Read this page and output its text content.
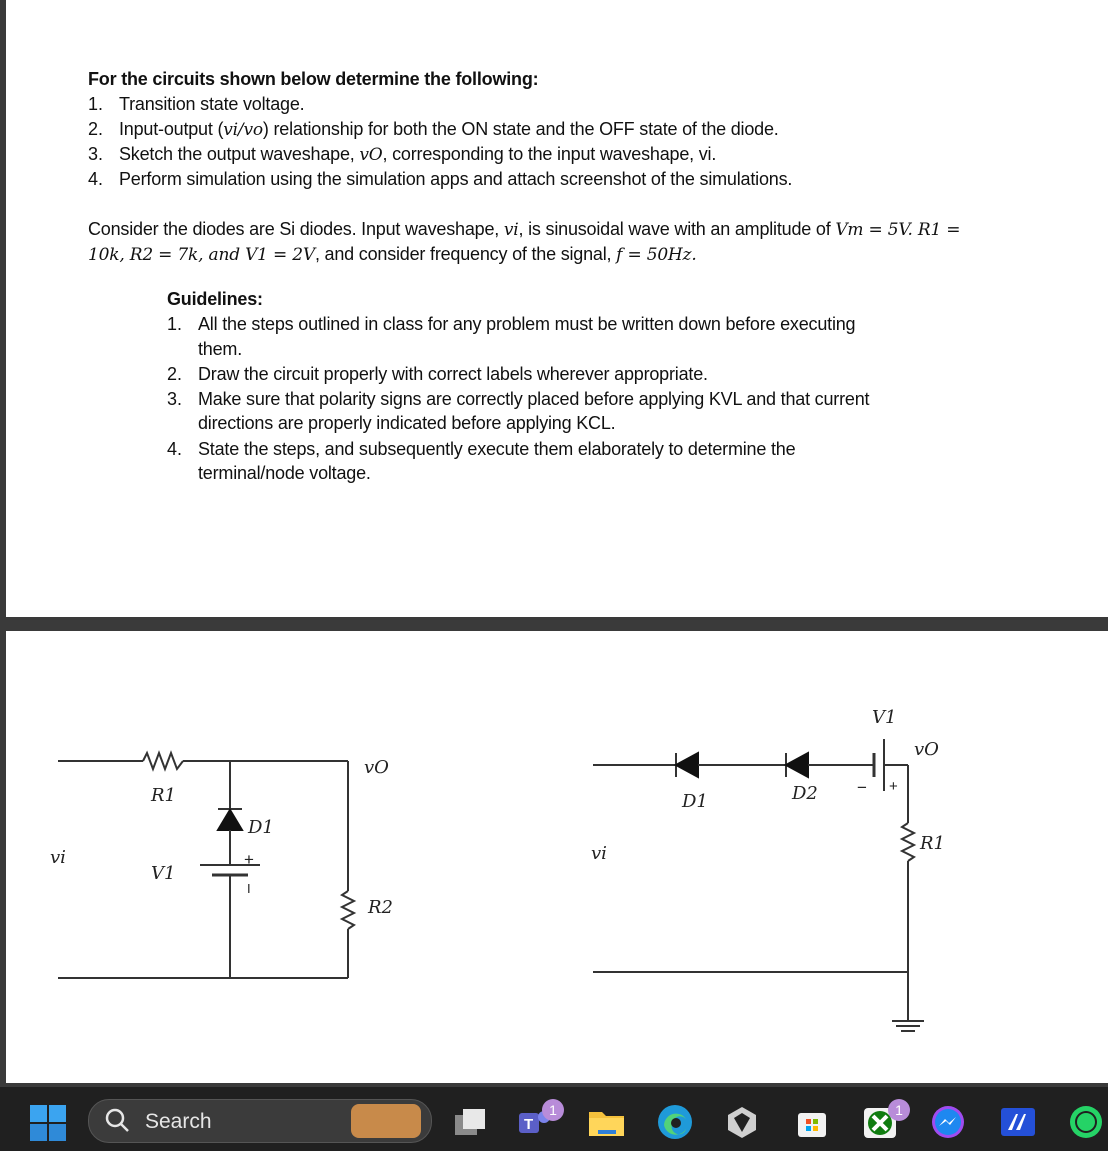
For the circuits shown below determine the following:
1. Transition state voltage.
2. Input-output (vi/vo) relationship for both the ON state and the OFF state of the diode.
3. Sketch the output waveshape, vO, corresponding to the input waveshape, vi.
4. Perform simulation using the simulation apps and attach screenshot of the simulations.
Consider the diodes are Si diodes. Input waveshape, vi, is sinusoidal wave with an amplitude of Vm = 5V. R1 =
10k, R2 = 7k, and V1 = 2V, and consider frequency of the signal, f = 50Hz.
Guidelines:
1. All the steps outlined in class for any problem must be written down before executing
them.
2. Draw the circuit properly with correct labels wherever appropriate.
3. Make sure that polarity signs are correctly placed before applying KVL and that current
directions are properly indicated before applying KCL.
4. State the steps, and subsequently execute them elaborately to determine the
terminal/node voltage.
vi
R1
V1
D1
+
I
vO
R2
V1
vO
D1	D2 − +
R1
vi
Search	T
1	1
